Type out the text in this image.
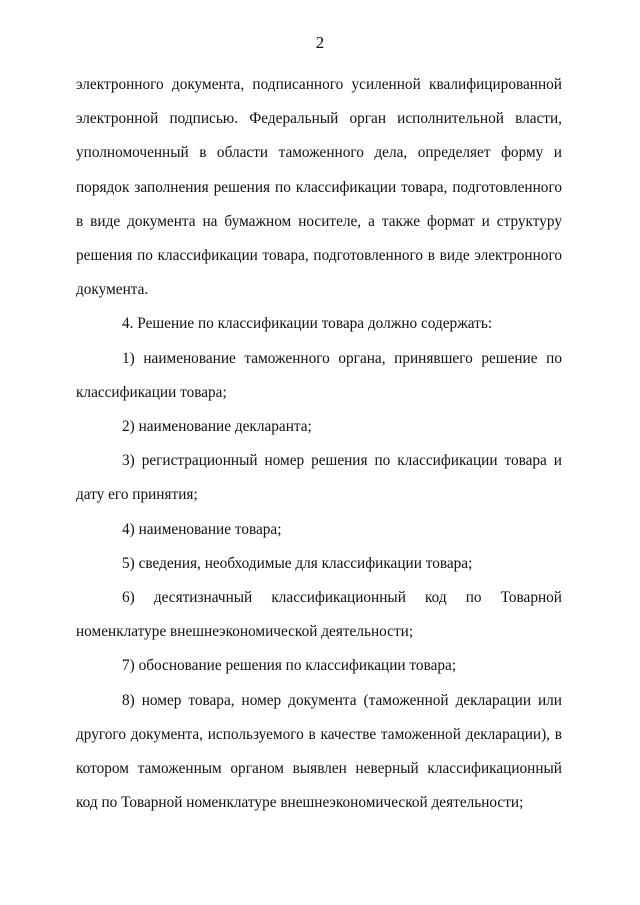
2

электронного документа, подписанного усиленной квалифицированной электронной подписью. Федеральный орган исполнительной власти, уполномоченный в области таможенного дела, определяет форму и порядок заполнения решения по классификации товара, подготовленного в виде документа на бумажном носителе, а также формат и структуру решения по классификации товара, подготовленного в виде электронного документа.

4. Решение по классификации товара должно содержать:

1) наименование таможенного органа, принявшего решение по классификации товара;

2) наименование декларанта;

3) регистрационный номер решения по классификации товара и дату его принятия;

4) наименование товара;

5) сведения, необходимые для классификации товара;

6) десятизначный классификационный код по Товарной номенклатуре внешнеэкономической деятельности;

7) обоснование решения по классификации товара;

8) номер товара, номер документа (таможенной декларации или другого документа, используемого в качестве таможенной декларации), в котором таможенным органом выявлен неверный классификационный код по Товарной номенклатуре внешнеэкономической деятельности;
